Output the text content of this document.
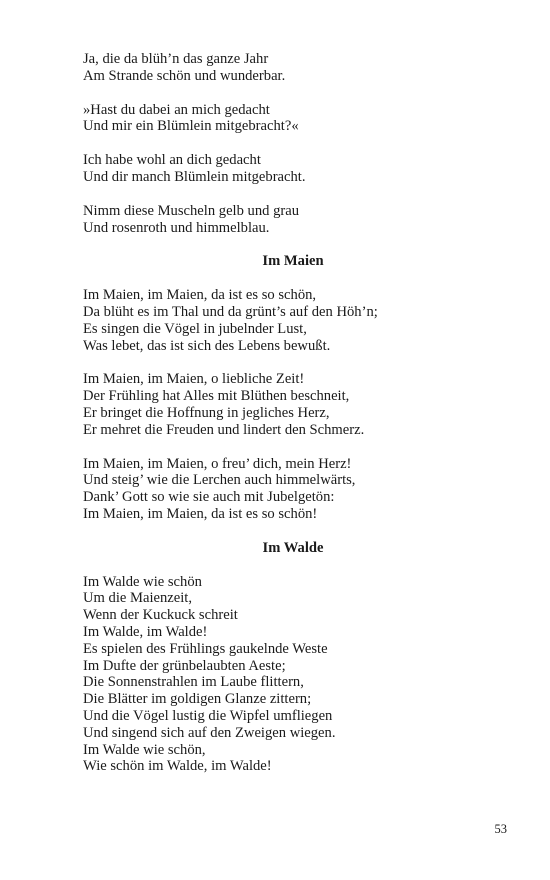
Ja, die da blüh’n das ganze Jahr
Am Strande schön und wunderbar.
»Hast du dabei an mich gedacht
Und mir ein Blümlein mitgebracht?«
Ich habe wohl an dich gedacht
Und dir manch Blümlein mitgebracht.
Nimm diese Muscheln gelb und grau
Und rosenroth und himmelblau.
Im Maien
Im Maien, im Maien, da ist es so schön,
Da blüht es im Thal und da grünt’s auf den Höh’n;
Es singen die Vögel in jubelnder Lust,
Was lebet, das ist sich des Lebens bewußt.
Im Maien, im Maien, o liebliche Zeit!
Der Frühling hat Alles mit Blüthen beschneit,
Er bringet die Hoffnung in jegliches Herz,
Er mehret die Freuden und lindert den Schmerz.
Im Maien, im Maien, o freu’ dich, mein Herz!
Und steig’ wie die Lerchen auch himmelwärts,
Dank’ Gott so wie sie auch mit Jubelgetön:
Im Maien, im Maien, da ist es so schön!
Im Walde
Im Walde wie schön
Um die Maienzeit,
Wenn der Kuckuck schreit
Im Walde, im Walde!
Es spielen des Frühlings gaukelnde Weste
Im Dufte der grünbelaubten Aeste;
Die Sonnenstrahlen im Laube flittern,
Die Blätter im goldigen Glanze zittern;
Und die Vögel lustig die Wipfel umfliegen
Und singend sich auf den Zweigen wiegen.
Im Walde wie schön,
Wie schön im Walde, im Walde!
53
